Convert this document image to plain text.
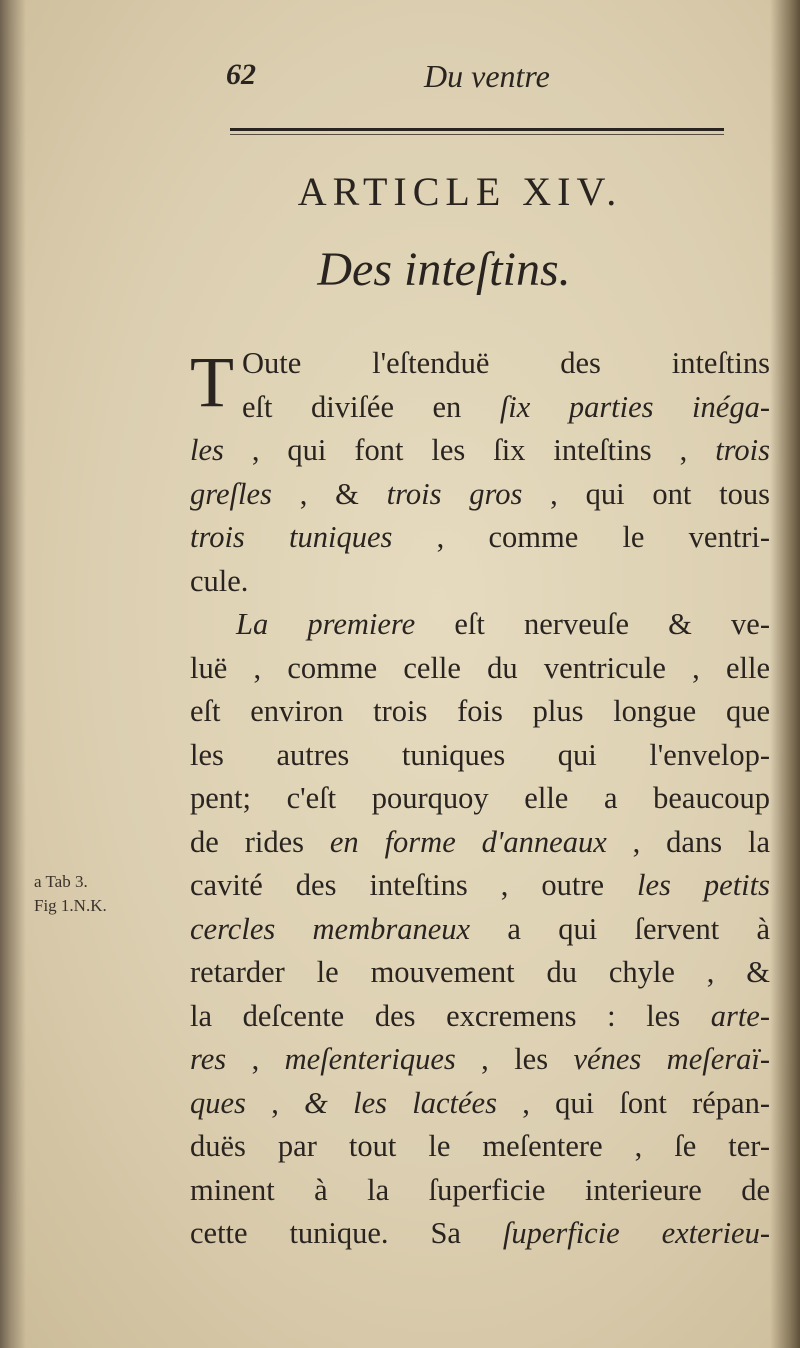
62	Du ventre
ARTICLE XIV.
Des inteſtins.
T Oute l'eſtenduë des inteſtins
eſt diviſée en ſix parties inéga-
les , qui font les ſix inteſtins , trois
greſles , & trois gros , qui ont tous
trois tuniques , comme le ventri-
cule.
La premiere eſt nerveuſe & ve-
luë , comme celle du ventricule , elle
eſt environ trois fois plus longue que
les autres tuniques qui l'envelop-
pent; c'eſt pourquoy elle a beaucoup
de rides en forme d'anneaux , dans la
cavité des inteſtins , outre les petits
cercles membraneux a qui ſervent à
retarder le mouvement du chyle , &
la deſcente des excremens : les arte-
res , meſenteriques , les vénes meſeraï-
ques , & les lactées , qui ſont répan-
duës par tout le meſentere , ſe ter-
minent à la ſuperficie interieure de
cette tunique. Sa ſuperficie exterieu-
a Tab 3.
Fig 1.N.K.
